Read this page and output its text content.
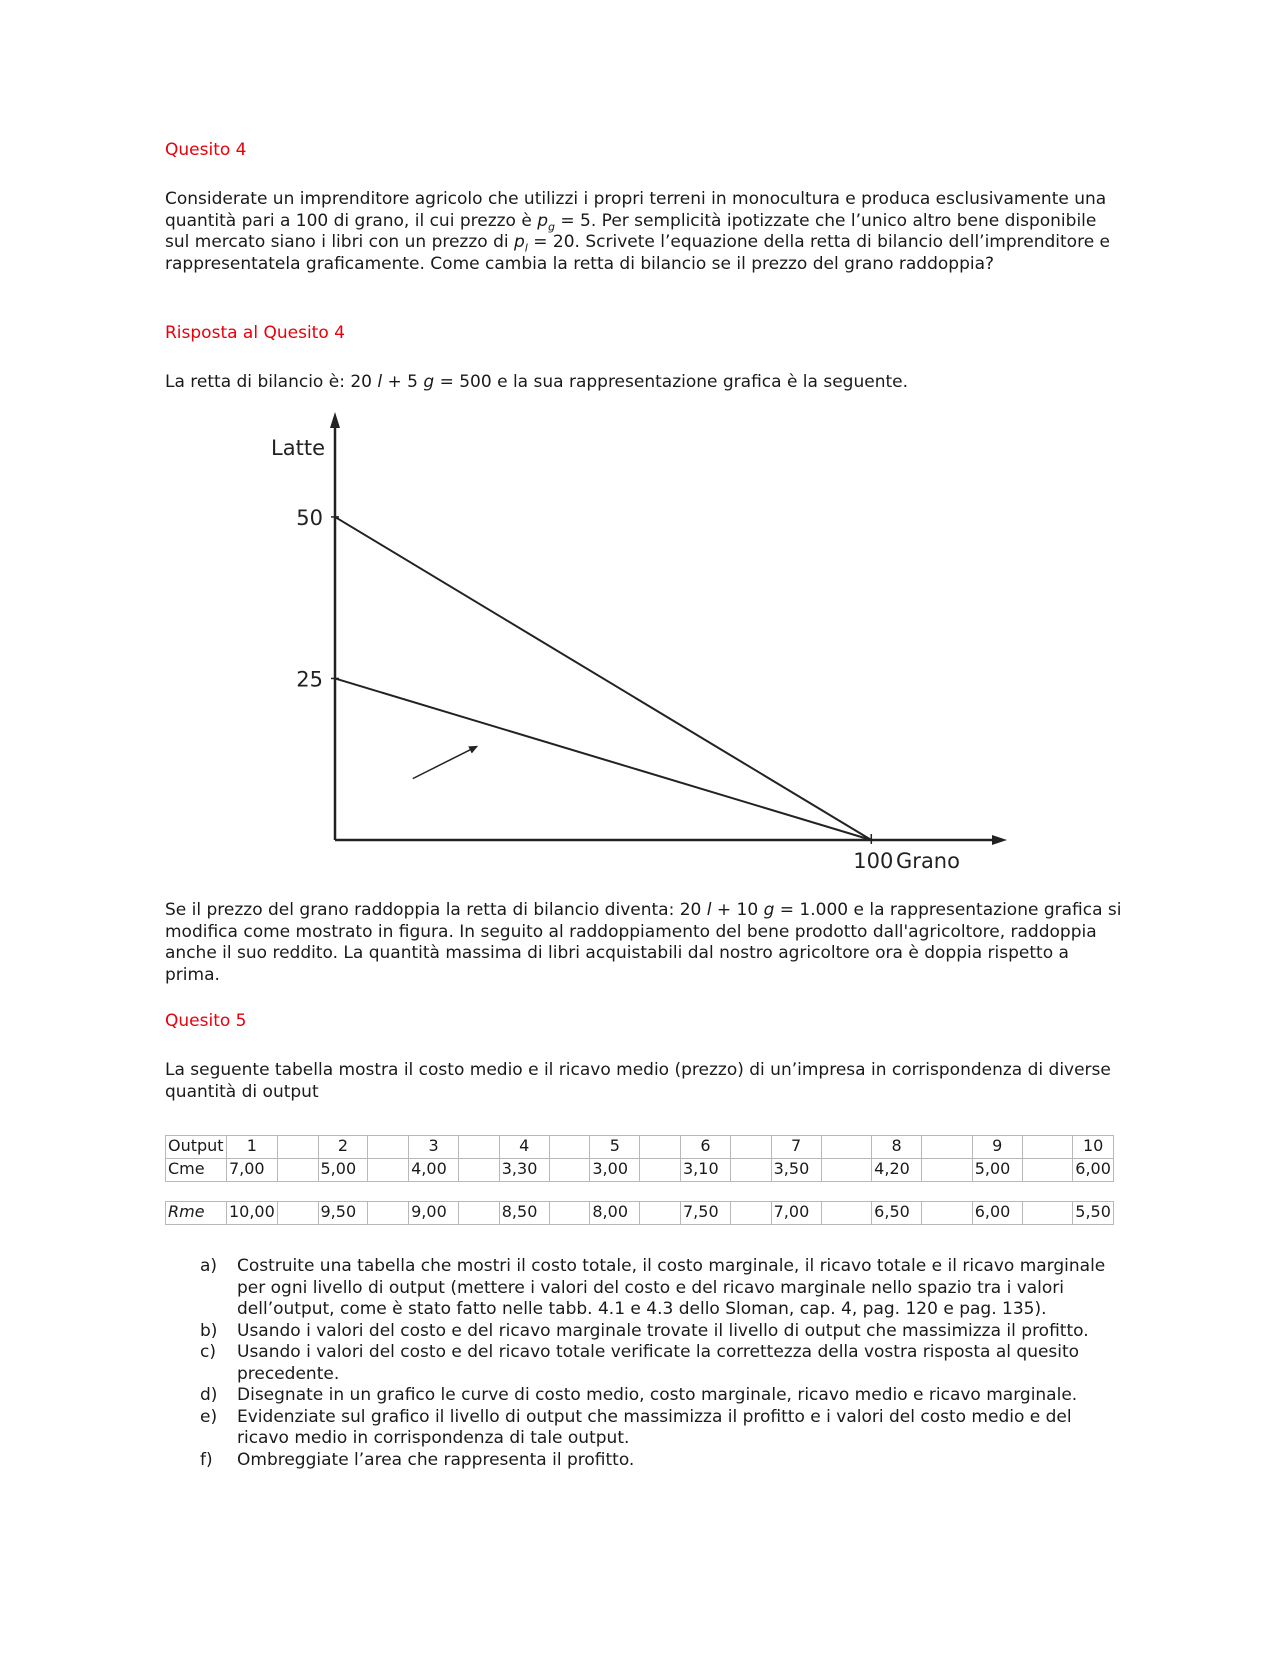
Quesito 4
Considerate un imprenditore agricolo che utilizzi i propri terreni in monocultura e produca esclusivamente una quantità pari a 100 di grano, il cui prezzo è $p_g = 5$. Per semplicità ipotizzate che l’unico altro bene disponibile sul mercato siano i libri con un prezzo di $p_l = 20$. Scrivete l’equazione della retta di bilancio dell’imprenditore e rappresentatela graficamente. Come cambia la retta di bilancio se il prezzo del grano raddoppia?
Risposta al Quesito 4
La retta di bilancio è: 20 l + 5 g = 500 e la sua rappresentazione grafica è la seguente.
Latte
Grano
50
25
100
Se il prezzo del grano raddoppia la retta di bilancio diventa: 20 l + 10 g = 1.000 e la rappresentazione grafica si modifica come mostrato in figura. In seguito al raddoppiamento del bene prodotto dall'agricoltore, raddoppia anche il suo reddito. La quantità massima di libri acquistabili dal nostro agricoltore ora è doppia rispetto a prima.
Quesito 5
La seguente tabella mostra il costo medio e il ricavo medio (prezzo) di un’impresa in corrispondenza di diverse quantità di output
Output	1		2		3		4		5		6		7		8		9		10
Cme	7,00		5,00		4,00		3,30		3,00		3,10		3,50		4,20		5,00		6,00

Rme	10,00		9,50		9,00		8,50		8,00		7,50		7,00		6,50		6,00		5,50
a) Costruite una tabella che mostri il costo totale, il costo marginale, il ricavo totale e il ricavo marginale per ogni livello di output (mettere i valori del costo e del ricavo marginale nello spazio tra i valori dell’output, come è stato fatto nelle tabb. 4.1 e 4.3 dello Sloman, cap. 4, pag. 120 e pag. 135).
b) Usando i valori del costo e del ricavo marginale trovate il livello di output che massimizza il profitto.
c) Usando i valori del costo e del ricavo totale verificate la correttezza della vostra risposta al quesito precedente.
d) Disegnate in un grafico le curve di costo medio, costo marginale, ricavo medio e ricavo marginale.
e) Evidenziate sul grafico il livello di output che massimizza il profitto e i valori del costo medio e del ricavo medio in corrispondenza di tale output.
f) Ombreggiate l’area che rappresenta il profitto.
